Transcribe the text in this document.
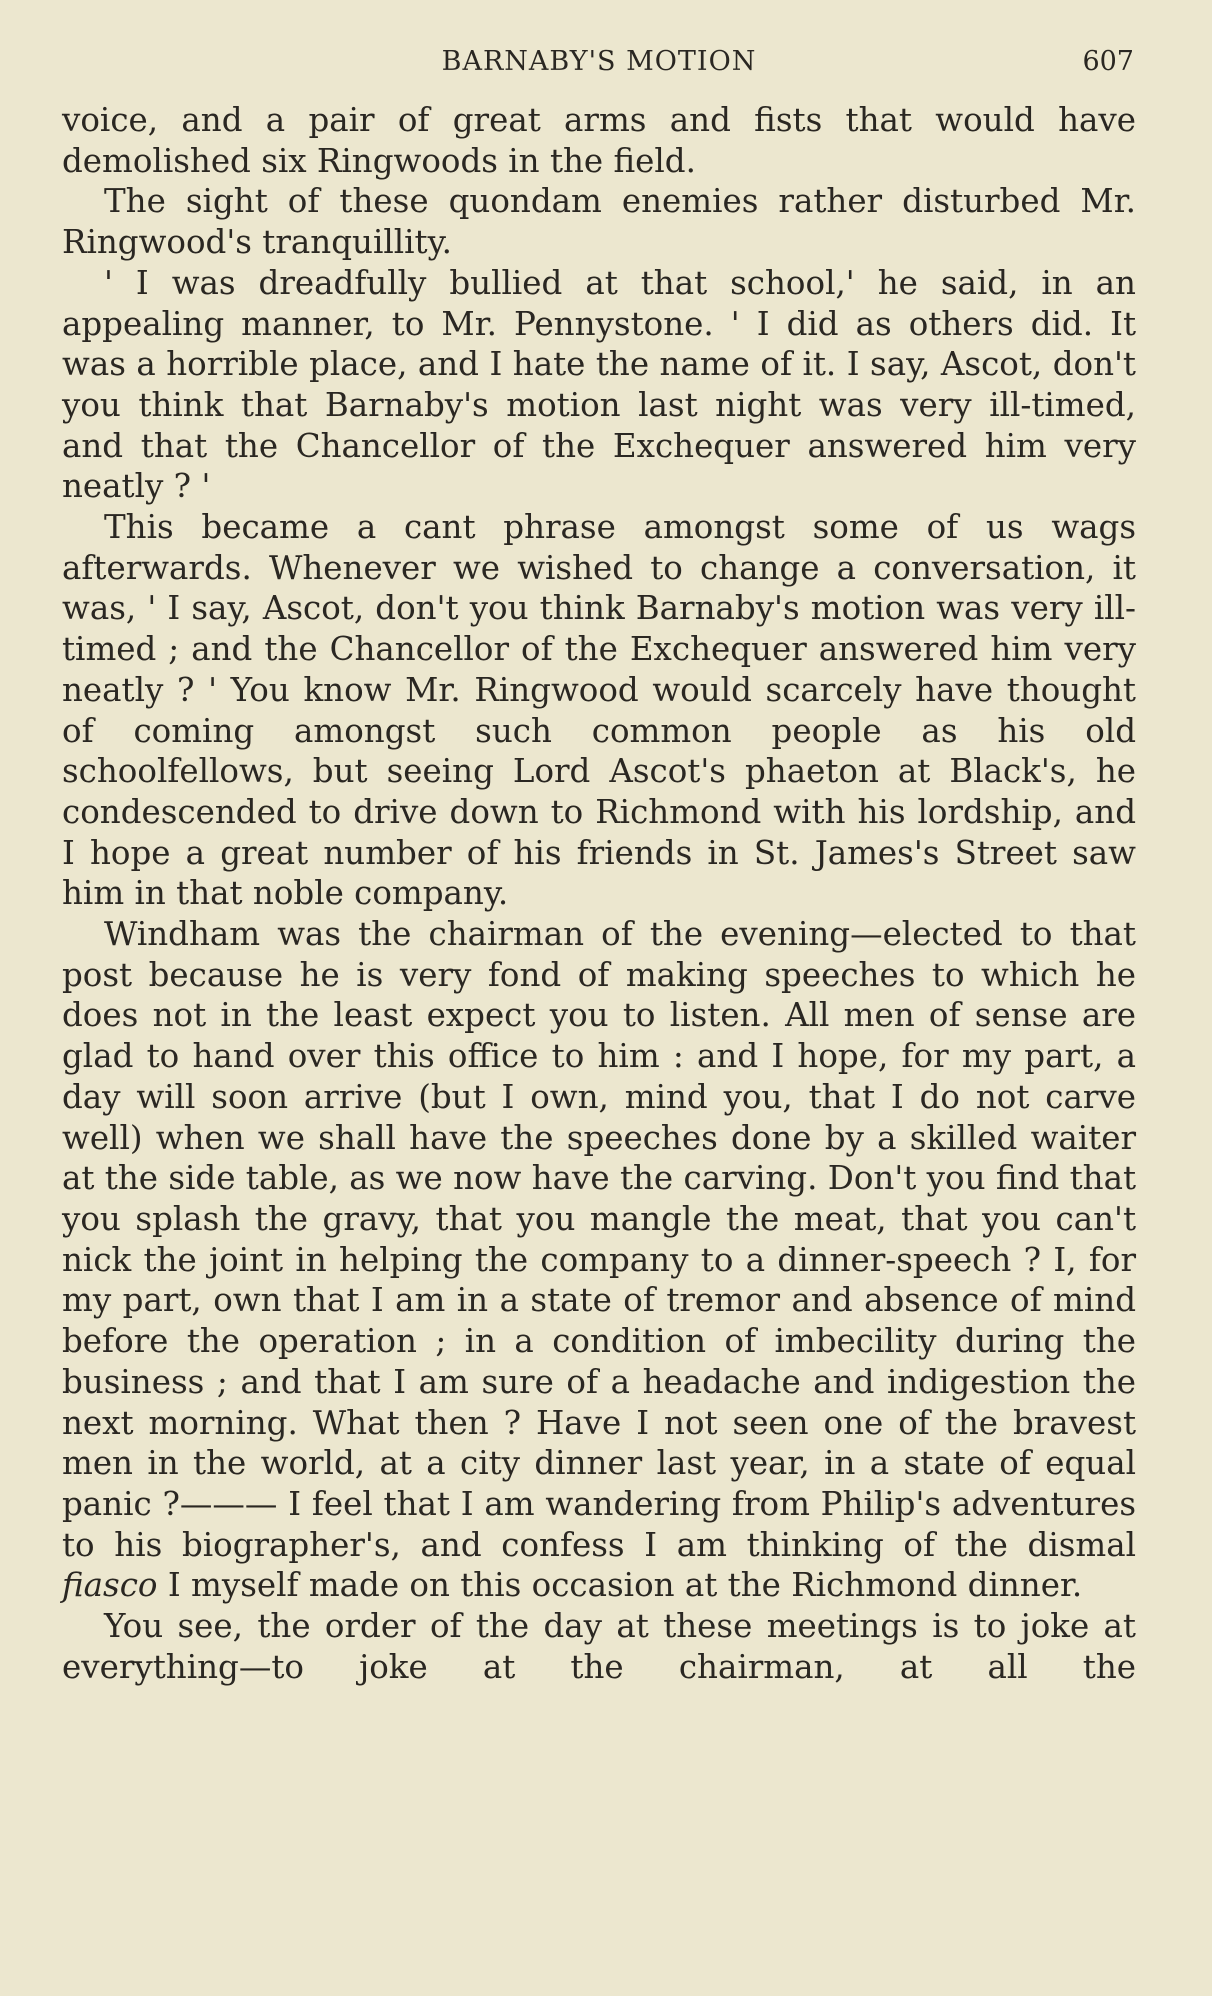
BARNABY'S MOTION	607

voice, and a pair of great arms and fists that would have demolished six Ringwoods in the field.

The sight of these quondam enemies rather disturbed Mr. Ringwood's tranquillity.

' I was dreadfully bullied at that school,' he said, in an appealing manner, to Mr. Pennystone. ' I did as others did. It was a horrible place, and I hate the name of it. I say, Ascot, don't you think that Barnaby's motion last night was very ill-timed, and that the Chancellor of the Exchequer answered him very neatly ? '

This became a cant phrase amongst some of us wags afterwards. Whenever we wished to change a conversation, it was, ' I say, Ascot, don't you think Barnaby's motion was very ill-timed ; and the Chancellor of the Exchequer answered him very neatly ? ' You know Mr. Ringwood would scarcely have thought of coming amongst such common people as his old schoolfellows, but seeing Lord Ascot's phaeton at Black's, he condescended to drive down to Richmond with his lordship, and I hope a great number of his friends in St. James's Street saw him in that noble company.

Windham was the chairman of the evening—elected to that post because he is very fond of making speeches to which he does not in the least expect you to listen. All men of sense are glad to hand over this office to him : and I hope, for my part, a day will soon arrive (but I own, mind you, that I do not carve well) when we shall have the speeches done by a skilled waiter at the side table, as we now have the carving. Don't you find that you splash the gravy, that you mangle the meat, that you can't nick the joint in helping the company to a dinner-speech ? I, for my part, own that I am in a state of tremor and absence of mind before the operation ; in a condition of imbecility during the business ; and that I am sure of a headache and indigestion the next morning. What then ? Have I not seen one of the bravest men in the world, at a city dinner last year, in a state of equal panic ?——— I feel that I am wandering from Philip's adventures to his biographer's, and confess I am thinking of the dismal fiasco I myself made on this occasion at the Richmond dinner.

You see, the order of the day at these meetings is to joke at everything—to joke at the chairman, at all the
